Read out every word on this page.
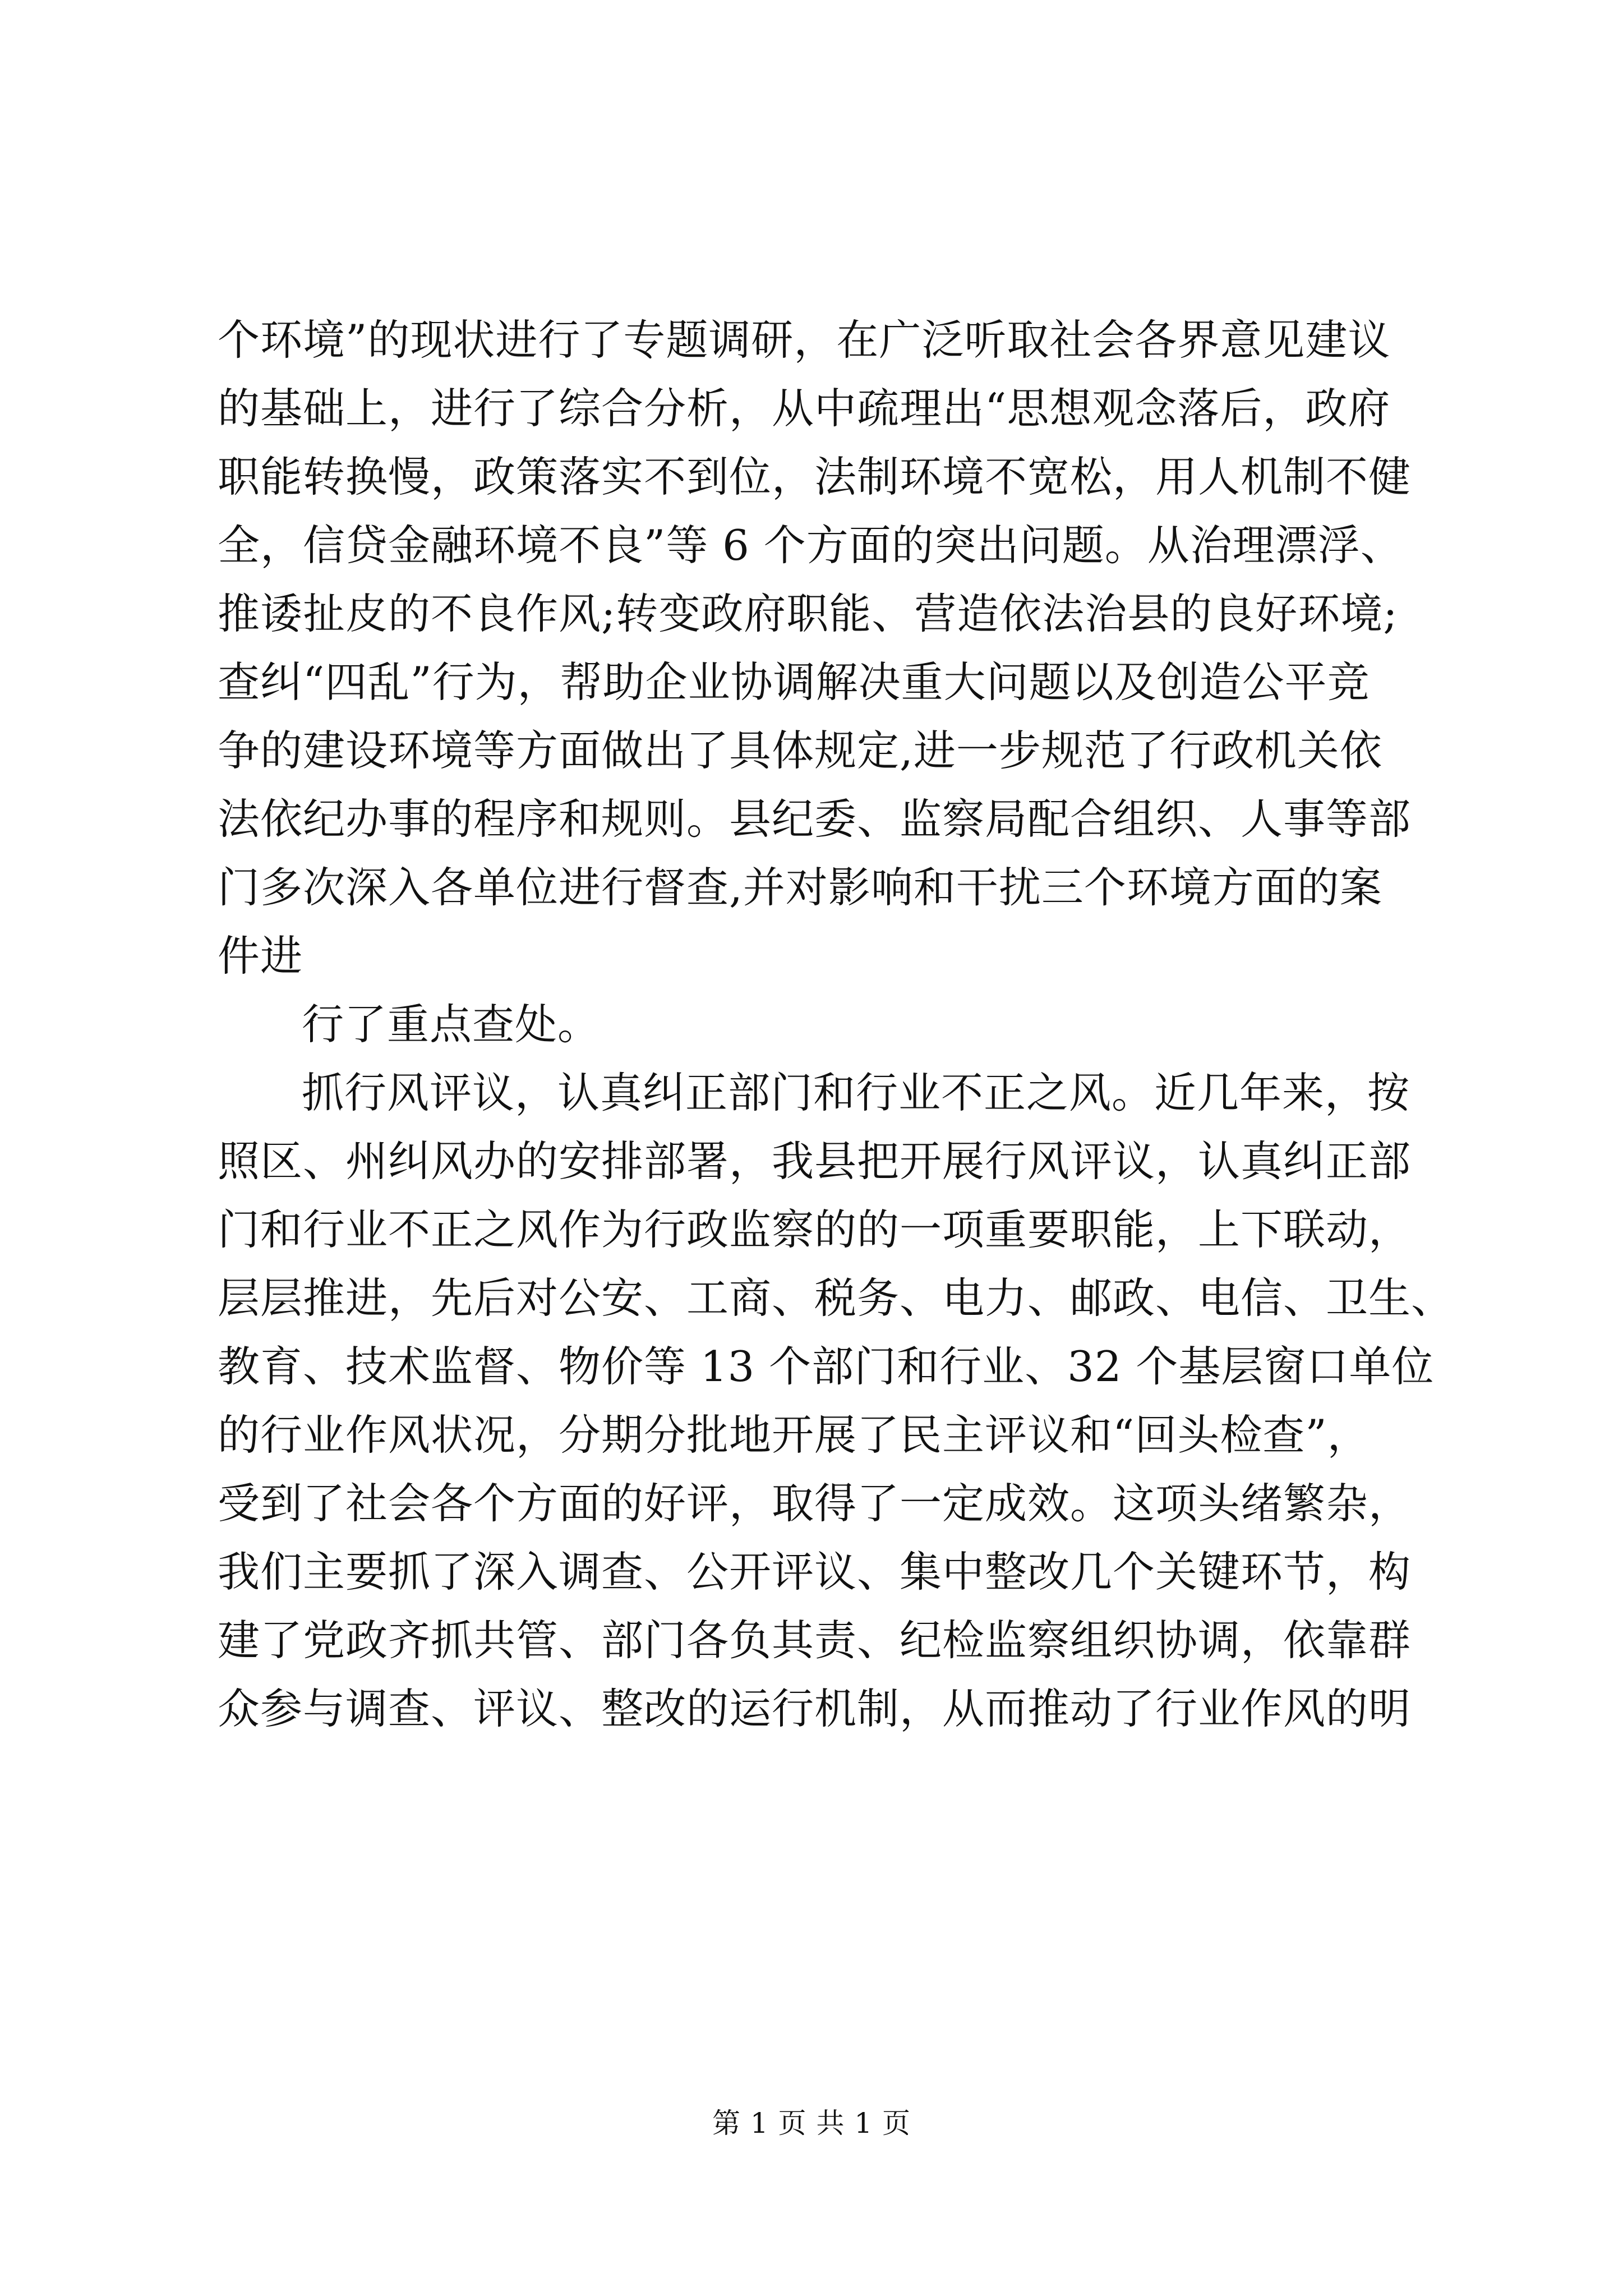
个环境”的现状进行了专题调研，在广泛听取社会各界意见建议
的基础上，进行了综合分析，从中疏理出“思想观念落后，政府
职能转换慢，政策落实不到位，法制环境不宽松，用人机制不健
全，信贷金融环境不良”等 6 个方面的突出问题。从治理漂浮、
推诿扯皮的不良作风;转变政府职能、营造依法治县的良好环境;
查纠“四乱”行为，帮助企业协调解决重大问题以及创造公平竞
争的建设环境等方面做出了具体规定,进一步规范了行政机关依
法依纪办事的程序和规则。县纪委、监察局配合组织、人事等部
门多次深入各单位进行督查,并对影响和干扰三个环境方面的案
件进
行了重点查处。
抓行风评议，认真纠正部门和行业不正之风。近几年来，按
照区、州纠风办的安排部署，我县把开展行风评议，认真纠正部
门和行业不正之风作为行政监察的的一项重要职能，上下联动，
层层推进，先后对公安、工商、税务、电力、邮政、电信、卫生、
教育、技术监督、物价等 13 个部门和行业、32 个基层窗口单位
的行业作风状况，分期分批地开展了民主评议和“回头检查”，
受到了社会各个方面的好评，取得了一定成效。这项头绪繁杂，
我们主要抓了深入调查、公开评议、集中整改几个关键环节，构
建了党政齐抓共管、部门各负其责、纪检监察组织协调，依靠群
众参与调查、评议、整改的运行机制，从而推动了行业作风的明
第 1 页 共 1 页
